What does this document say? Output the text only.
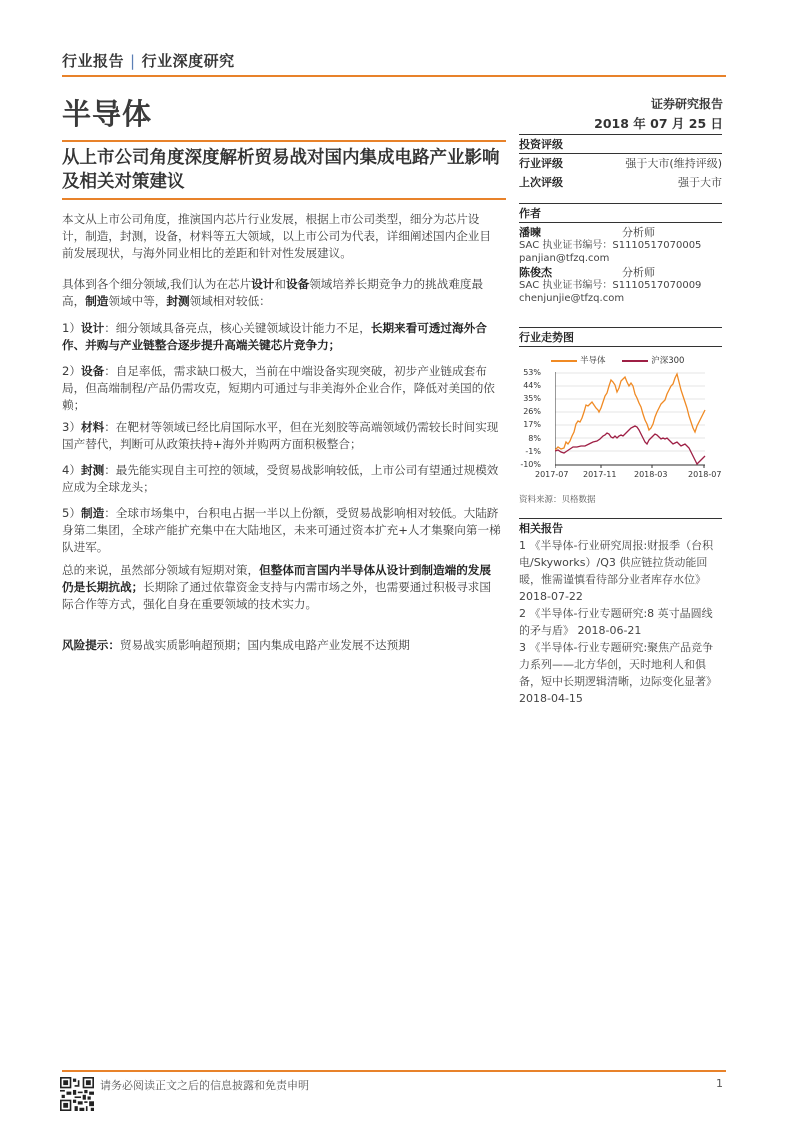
行业报告 | 行业深度研究
半导体	证券研究报告
2018 年 07 月 25 日
从上市公司角度深度解析贸易战对国内集成电路产业影响及相关对策建议

本文从上市公司角度，推演国内芯片行业发展，根据上市公司类型，细分为芯片设计，制造，封测，设备，材料等五大领域，以上市公司为代表，详细阐述国内企业目前发展现状，与海外同业相比的差距和针对性发展建议。

具体到各个细分领域,我们认为在芯片设计和设备领域培养长期竞争力的挑战难度最高，制造领域中等，封测领域相对较低：

1）设计：细分领域具备亮点，核心关键领域设计能力不足，长期来看可透过海外合作、并购与产业链整合逐步提升高端关键芯片竞争力；

2）设备：自足率低，需求缺口极大，当前在中端设备实现突破，初步产业链成套布局，但高端制程/产品仍需攻克，短期内可通过与非美海外企业合作，降低对美国的依赖；

3）材料：在靶材等领域已经比肩国际水平，但在光刻胶等高端领域仍需较长时间实现国产替代，判断可从政策扶持+海外并购两方面积极整合；

4）封测：最先能实现自主可控的领域，受贸易战影响较低，上市公司有望通过规模效应成为全球龙头；

5）制造：全球市场集中，台积电占据一半以上份额，受贸易战影响相对较低。大陆跻身第二集团，全球产能扩充集中在大陆地区，未来可通过资本扩充+人才集聚向第一梯队进军。

总的来说，虽然部分领域有短期对策，但整体而言国内半导体从设计到制造端的发展仍是长期抗战；长期除了通过依靠资金支持与内需市场之外，也需要通过积极寻求国际合作等方式，强化自身在重要领域的技术实力。

风险提示：贸易战实质影响超预期；国内集成电路产业发展不达预期

投资评级
行业评级	强于大市(维持评级)
上次评级	强于大市
作者
潘暕	分析师
SAC 执业证书编号：S1110517070005
panjian@tfzq.com
陈俊杰	分析师
SAC 执业证书编号：S1110517070009
chenjunjie@tfzq.com
行业走势图
半导体	沪深300
53%
44%
35%
26%
17%
8%
-1%
-10%
2017-07 2017-11 2018-03	2018-07
资料来源：贝格数据
相关报告
1 《半导体-行业研究周报:财报季（台积电/Skyworks）/Q3 供应链拉货动能回暖，惟需谨慎看待部分业者库存水位》 2018-07-22
2 《半导体-行业专题研究:8 英寸晶圆线的矛与盾》 2018-06-21
3 《半导体-行业专题研究:聚焦产品竞争力系列——北方华创，天时地利人和俱备，短中长期逻辑清晰，边际变化显著》 2018-04-15
请务必阅读正文之后的信息披露和免责申明	1
